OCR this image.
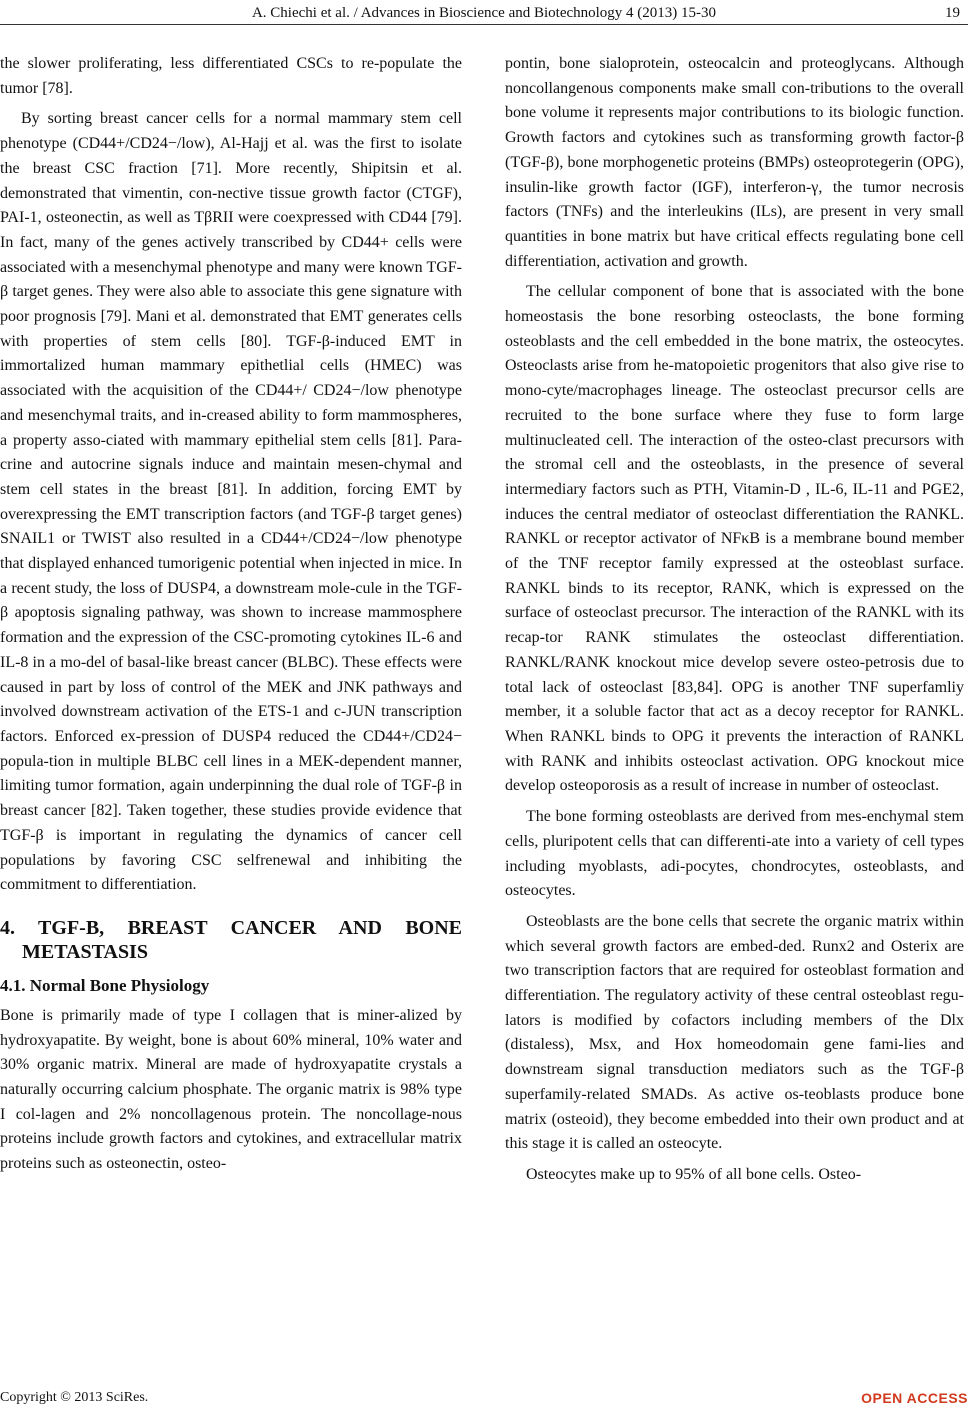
A. Chiechi et al. / Advances in Bioscience and Biotechnology 4 (2013) 15-30	19

the slower proliferating, less differentiated CSCs to re-populate the tumor [78].

By sorting breast cancer cells for a normal mammary stem cell phenotype (CD44+/CD24−/low), Al-Hajj et al. was the first to isolate the breast CSC fraction [71]. More recently, Shipitsin et al. demonstrated that vimentin, con-nective tissue growth factor (CTGF), PAI-1, osteonectin, as well as TβRII were coexpressed with CD44 [79]. In fact, many of the genes actively transcribed by CD44+ cells were associated with a mesenchymal phenotype and many were known TGF-β target genes. They were also able to associate this gene signature with poor prognosis [79]. Mani et al. demonstrated that EMT generates cells with properties of stem cells [80]. TGF-β-induced EMT in immortalized human mammary epithetlial cells (HMEC) was associated with the acquisition of the CD44+/ CD24−/low phenotype and mesenchymal traits, and in-creased ability to form mammospheres, a property asso-ciated with mammary epithelial stem cells [81]. Para-crine and autocrine signals induce and maintain mesen-chymal and stem cell states in the breast [81]. In addition, forcing EMT by overexpressing the EMT transcription factors (and TGF-β target genes) SNAIL1 or TWIST also resulted in a CD44+/CD24−/low phenotype that displayed enhanced tumorigenic potential when injected in mice. In a recent study, the loss of DUSP4, a downstream mole-cule in the TGF-β apoptosis signaling pathway, was shown to increase mammosphere formation and the expression of the CSC-promoting cytokines IL-6 and IL-8 in a mo-del of basal-like breast cancer (BLBC). These effects were caused in part by loss of control of the MEK and JNK pathways and involved downstream activation of the ETS-1 and c-JUN transcription factors. Enforced ex-pression of DUSP4 reduced the CD44+/CD24− popula-tion in multiple BLBC cell lines in a MEK-dependent manner, limiting tumor formation, again underpinning the dual role of TGF-β in breast cancer [82]. Taken together, these studies provide evidence that TGF-β is important in regulating the dynamics of cancer cell populations by favoring CSC selfrenewal and inhibiting the commitment to differentiation.

4. TGF-Β, BREAST CANCER AND BONE METASTASIS
4.1. Normal Bone Physiology

Bone is primarily made of type I collagen that is miner-alized by hydroxyapatite. By weight, bone is about 60% mineral, 10% water and 30% organic matrix. Mineral are made of hydroxyapatite crystals a naturally occurring calcium phosphate. The organic matrix is 98% type I col-lagen and 2% noncollagenous protein. The noncollage-nous proteins include growth factors and cytokines, and extracellular matrix proteins such as osteonectin, osteo-

pontin, bone sialoprotein, osteocalcin and proteoglycans. Although noncollangenous components make small con-tributions to the overall bone volume it represents major contributions to its biologic function. Growth factors and cytokines such as transforming growth factor-β (TGF-β), bone morphogenetic proteins (BMPs) osteoprotegerin (OPG), insulin-like growth factor (IGF), interferon-γ, the tumor necrosis factors (TNFs) and the interleukins (ILs), are present in very small quantities in bone matrix but have critical effects regulating bone cell differentiation, activation and growth.

The cellular component of bone that is associated with the bone homeostasis the bone resorbing osteoclasts, the bone forming osteoblasts and the cell embedded in the bone matrix, the osteocytes. Osteoclasts arise from he-matopoietic progenitors that also give rise to mono-cyte/macrophages lineage. The osteoclast precursor cells are recruited to the bone surface where they fuse to form large multinucleated cell. The interaction of the osteo-clast precursors with the stromal cell and the osteoblasts, in the presence of several intermediary factors such as PTH, Vitamin-D , IL-6, IL-11 and PGE2, induces the central mediator of osteoclast differentiation the RANKL. RANKL or receptor activator of NFκB is a membrane bound member of the TNF receptor family expressed at the osteoblast surface. RANKL binds to its receptor, RANK, which is expressed on the surface of osteoclast precursor. The interaction of the RANKL with its recap-tor RANK stimulates the osteoclast differentiation. RANKL/RANK knockout mice develop severe osteo-petrosis due to total lack of osteoclast [83,84]. OPG is another TNF superfamliy member, it a soluble factor that act as a decoy receptor for RANKL. When RANKL binds to OPG it prevents the interaction of RANKL with RANK and inhibits osteoclast activation. OPG knockout mice develop osteoporosis as a result of increase in number of osteoclast.

The bone forming osteoblasts are derived from mes-enchymal stem cells, pluripotent cells that can differenti-ate into a variety of cell types including myoblasts, adi-pocytes, chondrocytes, osteoblasts, and osteocytes.

Osteoblasts are the bone cells that secrete the organic matrix within which several growth factors are embed-ded. Runx2 and Osterix are two transcription factors that are required for osteoblast formation and differentiation. The regulatory activity of these central osteoblast regu-lators is modified by cofactors including members of the Dlx (distaless), Msx, and Hox homeodomain gene fami-lies and downstream signal transduction mediators such as the TGF-β superfamily-related SMADs. As active os-teoblasts produce bone matrix (osteoid), they become embedded into their own product and at this stage it is called an osteocyte.

Osteocytes make up to 95% of all bone cells. Osteo-

Copyright © 2013 SciRes.	OPEN ACCESS
